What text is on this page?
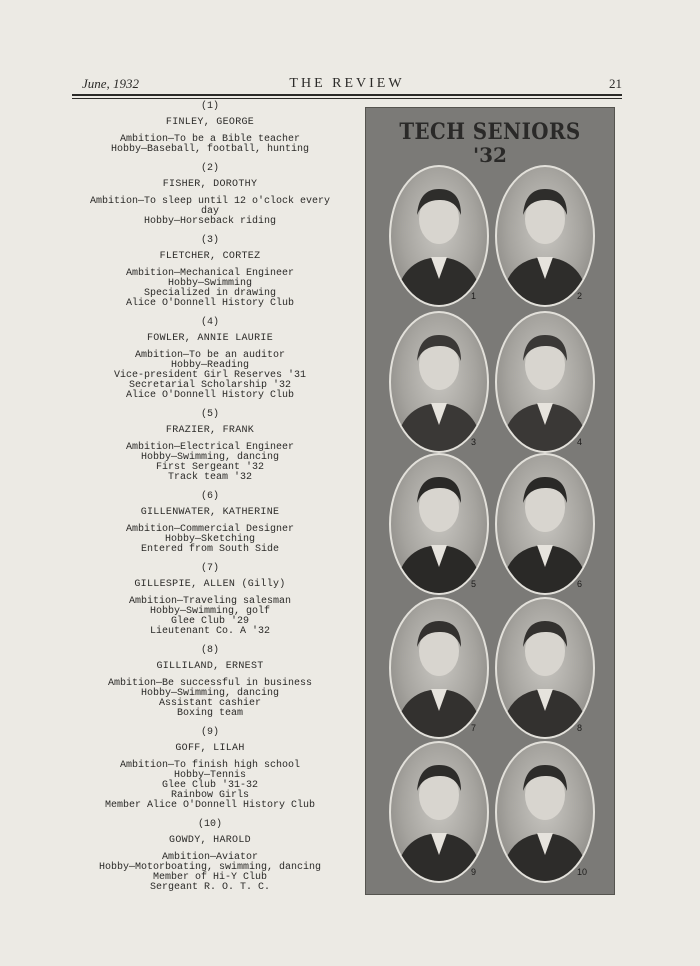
June, 1932	THE REVIEW	21
(1)
FINLEY, GEORGE
Ambition—To be a Bible teacher
Hobby—Baseball, football, hunting
(2)
FISHER, DOROTHY
Ambition—To sleep until 12 o'clock every day
Hobby—Horseback riding
(3)
FLETCHER, CORTEZ
Ambition—Mechanical Engineer
Hobby—Swimming
Specialized in drawing
Alice O'Donnell History Club
(4)
FOWLER, ANNIE LAURIE
Ambition—To be an auditor
Hobby—Reading
Vice-president Girl Reserves '31
Secretarial Scholarship '32
Alice O'Donnell History Club
(5)
FRAZIER, FRANK
Ambition—Electrical Engineer
Hobby—Swimming, dancing
First Sergeant '32
Track team '32
(6)
GILLENWATER, KATHERINE
Ambition—Commercial Designer
Hobby—Sketching
Entered from South Side
(7)
GILLESPIE, ALLEN (Gilly)
Ambition—Traveling salesman
Hobby—Swimming, golf
Glee Club '29
Lieutenant Co. A '32
(8)
GILLILAND, ERNEST
Ambition—Be successful in business
Hobby—Swimming, dancing
Assistant cashier
Boxing team
(9)
GOFF, LILAH
Ambition—To finish high school
Hobby—Tennis
Glee Club '31-32
Rainbow Girls
Member Alice O'Donnell History Club
(10)
GOWDY, HAROLD
Ambition—Aviator
Hobby—Motorboating, swimming, dancing
Member of Hi-Y Club
Sergeant R. O. T. C.
TECH SENIORS
'32
1	2
3	4
5	6
7	8
9	10
